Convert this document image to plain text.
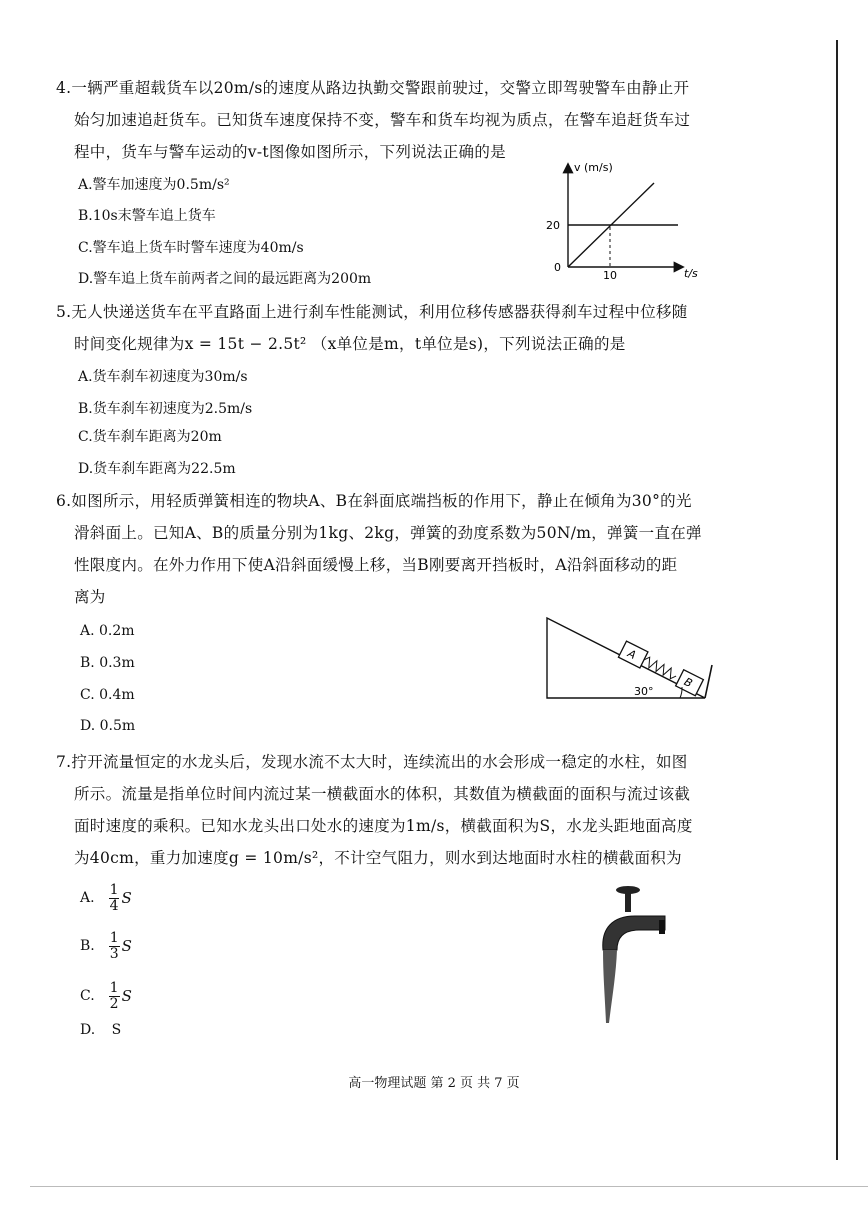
4.一辆严重超载货车以20m/s的速度从路边执勤交警跟前驶过，交警立即驾驶警车由静止开
始匀加速追赶货车。已知货车速度保持不变，警车和货车均视为质点，在警车追赶货车过
程中，货车与警车运动的v-t图像如图所示，下列说法正确的是
A.警车加速度为0.5m/s²
B.10s末警车追上货车
C.警车追上货车时警车速度为40m/s
D.警车追上货车前两者之间的最远距离为200m
v (m/s)
t/s
0
20
10
5.无人快递送货车在平直路面上进行刹车性能测试，利用位移传感器获得刹车过程中位移随
时间变化规律为x = 15t − 2.5t² （x单位是m，t单位是s)，下列说法正确的是
A.货车刹车初速度为30m/s
B.货车刹车初速度为2.5m/s
C.货车刹车距离为20m
D.货车刹车距离为22.5m
6.如图所示，用轻质弹簧相连的物块A、B在斜面底端挡板的作用下，静止在倾角为30°的光
滑斜面上。已知A、B的质量分别为1kg、2kg，弹簧的劲度系数为50N/m，弹簧一直在弹
性限度内。在外力作用下使A沿斜面缓慢上移，当B刚要离开挡板时，A沿斜面移动的距
离为
A. 0.2m
B. 0.3m
C. 0.4m
D. 0.5m
A
B
30°
7.拧开流量恒定的水龙头后，发现水流不太大时，连续流出的水会形成一稳定的水柱，如图
所示。流量是指单位时间内流过某一横截面水的体积，其数值为横截面的面积与流过该截
面时速度的乘积。已知水龙头出口处水的速度为1m/s，横截面积为S，水龙头距地面高度
为40cm，重力加速度g = 10m/s²，不计空气阻力，则水到达地面时水柱的横截面积为
A. $\frac{1}{4}$ S
B. $\frac{1}{3}$ S
C. $\frac{1}{2}$ S
D. S
高一物理试题 第 2 页 共 7 页
